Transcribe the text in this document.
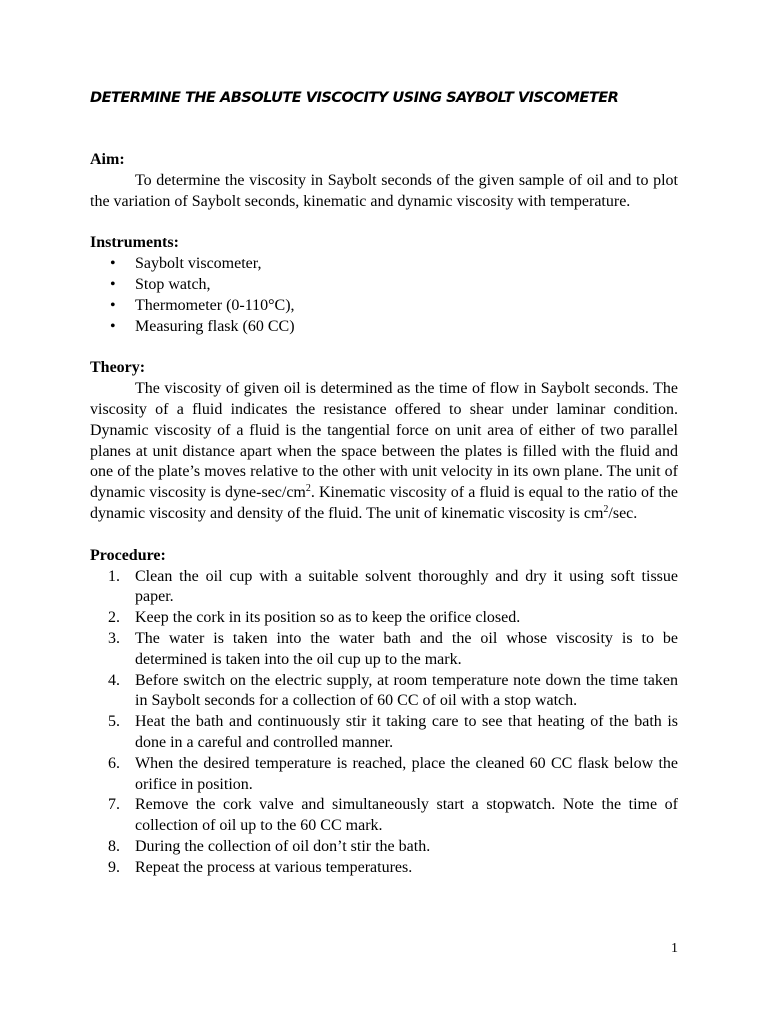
DETERMINE THE ABSOLUTE VISCOCITY USING SAYBOLT VISCOMETER
Aim:

To determine the viscosity in Saybolt seconds of the given sample of oil and to plot the variation of Saybolt seconds, kinematic and dynamic viscosity with temperature.

Instruments:
• Saybolt viscometer,
• Stop watch,
• Thermometer (0-110°C),
• Measuring flask (60 CC)
Theory:

The viscosity of given oil is determined as the time of flow in Saybolt seconds. The viscosity of a fluid indicates the resistance offered to shear under laminar condition. Dynamic viscosity of a fluid is the tangential force on unit area of either of two parallel planes at unit distance apart when the space between the plates is filled with the fluid and one of the plate’s moves relative to the other with unit velocity in its own plane. The unit of dynamic viscosity is dyne-$\sec/cm^2$. Kinematic viscosity of a fluid is equal to the ratio of the dynamic viscosity and density of the fluid. The unit of kinematic viscosity is $cm^2/\sec$.

Procedure:
1. Clean the oil cup with a suitable solvent thoroughly and dry it using soft tissue paper.
2. Keep the cork in its position so as to keep the orifice closed.
3. The water is taken into the water bath and the oil whose viscosity is to be determined is taken into the oil cup up to the mark.
4. Before switch on the electric supply, at room temperature note down the time taken in Saybolt seconds for a collection of 60 CC of oil with a stop watch.
5. Heat the bath and continuously stir it taking care to see that heating of the bath is done in a careful and controlled manner.
6. When the desired temperature is reached, place the cleaned 60 CC flask below the orifice in position.
7. Remove the cork valve and simultaneously start a stopwatch. Note the time of collection of oil up to the 60 CC mark.
8. During the collection of oil don’t stir the bath.
9. Repeat the process at various temperatures.
1
